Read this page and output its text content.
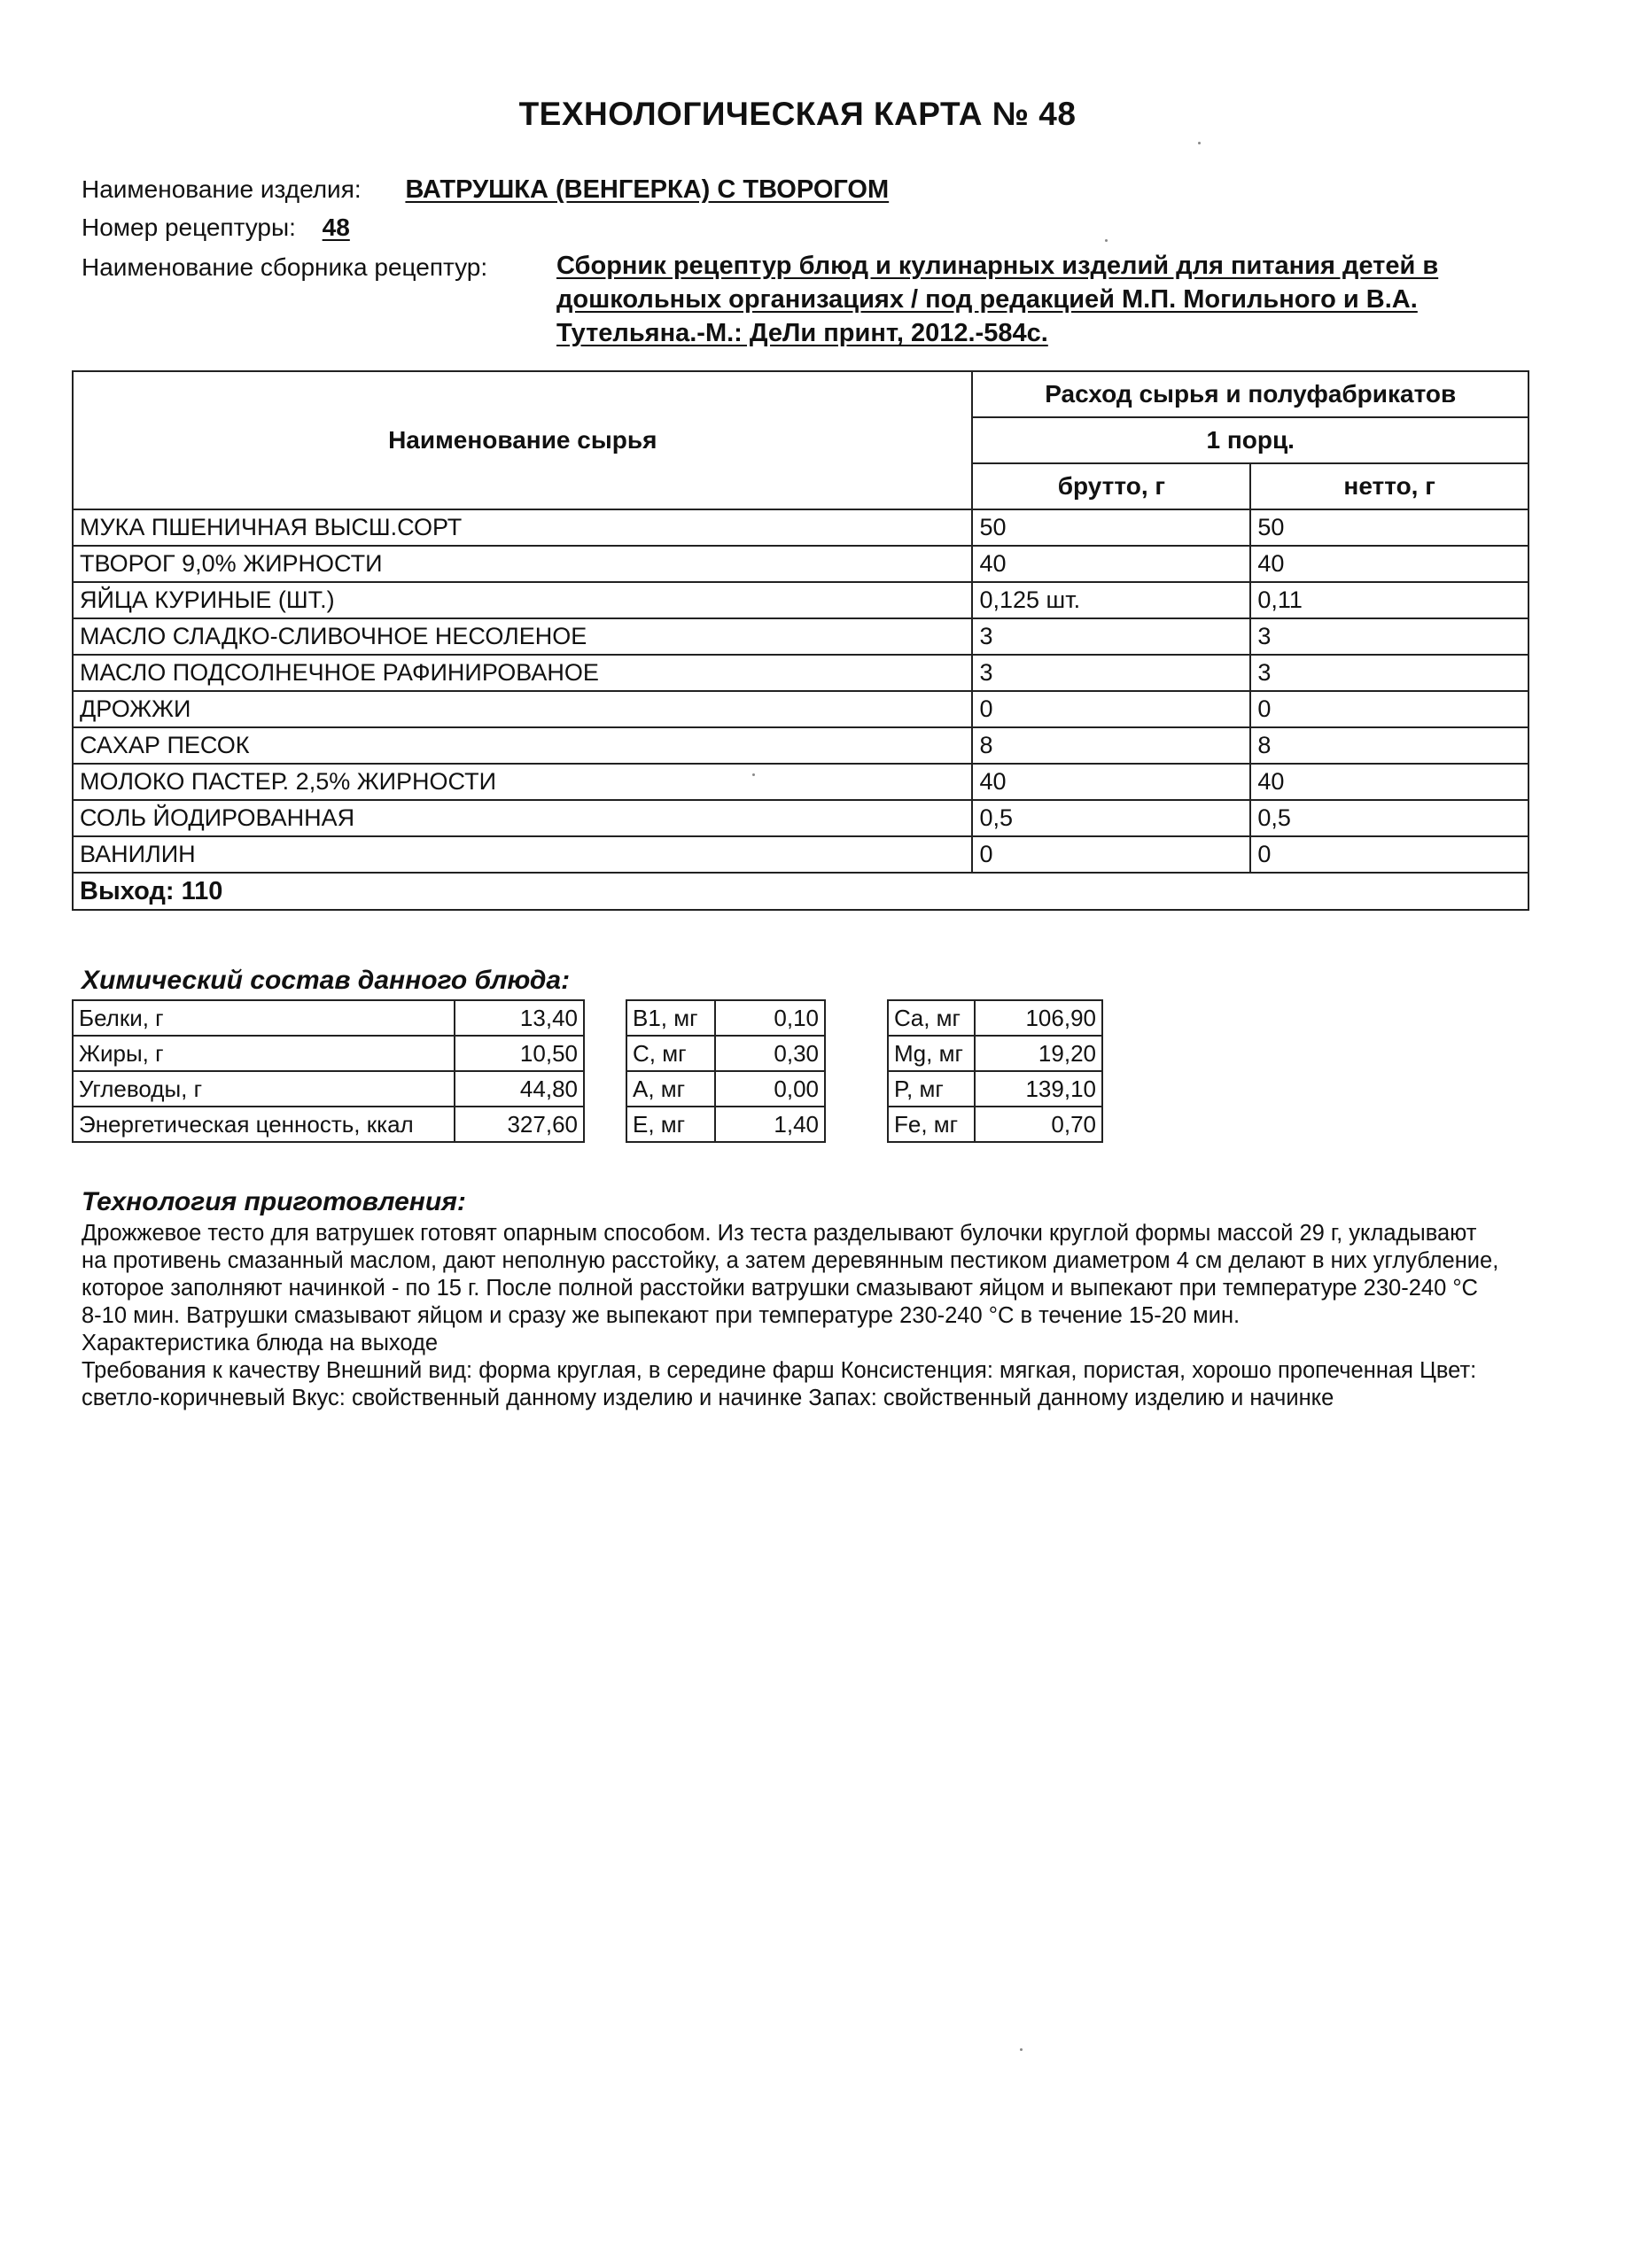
ТЕХНОЛОГИЧЕСКАЯ КАРТА № 48
Наименование изделия: ВАТРУШКА (ВЕНГЕРКА) С ТВОРОГОМ
Номер рецептуры: 48
Наименование сборника рецептур:	Сборник рецептур блюд и кулинарных изделий для питания детей в дошкольных организациях / под редакцией М.П. Могильного и В.А. Тутельяна.-М.: ДеЛи принт, 2012.-584с.
Наименование сырья	Расход сырья и полуфабрикатов	
	1 порц.	
	брутто, г	нетто, г
МУКА ПШЕНИЧНАЯ ВЫСШ.СОРТ	50	50
ТВОРОГ 9,0% ЖИРНОСТИ	40	40
ЯЙЦА КУРИНЫЕ (ШТ.)	0,125 шт.	0,11
МАСЛО СЛАДКО-СЛИВОЧНОЕ НЕСОЛЕНОЕ	3	3
МАСЛО ПОДСОЛНЕЧНОЕ РАФИНИРОВАНОЕ	3	3
ДРОЖЖИ	0	0
САХАР ПЕСОК	8	8
МОЛОКО ПАСТЕР. 2,5% ЖИРНОСТИ	40	40
СОЛЬ ЙОДИРОВАННАЯ	0,5	0,5
ВАНИЛИН	0	0
Выход: 110		
Химический состав данного блюда:
Белки, г	13,40
Жиры, г	10,50
Углеводы, г	44,80
Энергетическая ценность, ккал	327,60
B1, мг	0,10
C, мг	0,30
A, мг	0,00
E, мг	1,40
Ca, мг	106,90
Mg, мг	19,20
P, мг	139,10
Fe, мг	0,70
Технология приготовления:

Дрожжевое тесто для ватрушек готовят опарным способом. Из теста разделывают булочки круглой формы массой 29 г, укладывают на противень смазанный маслом, дают неполную расстойку, а затем деревянным пестиком диаметром 4 см делают в них углубление, которое заполняют начинкой - по 15 г. После полной расстойки ватрушки смазывают яйцом и выпекают при температуре 230-240 °С 8-10 мин. Ватрушки смазывают яйцом и сразу же выпекают при температуре 230-240 °С в течение 15-20 мин.

Характеристика блюда на выходе

Требования к качеству Внешний вид: форма круглая, в середине фарш Консистенция: мягкая, пористая, хорошо пропеченная Цвет: светло-коричневый Вкус: свойственный данному изделию и начинке Запах: свойственный данному изделию и начинке
